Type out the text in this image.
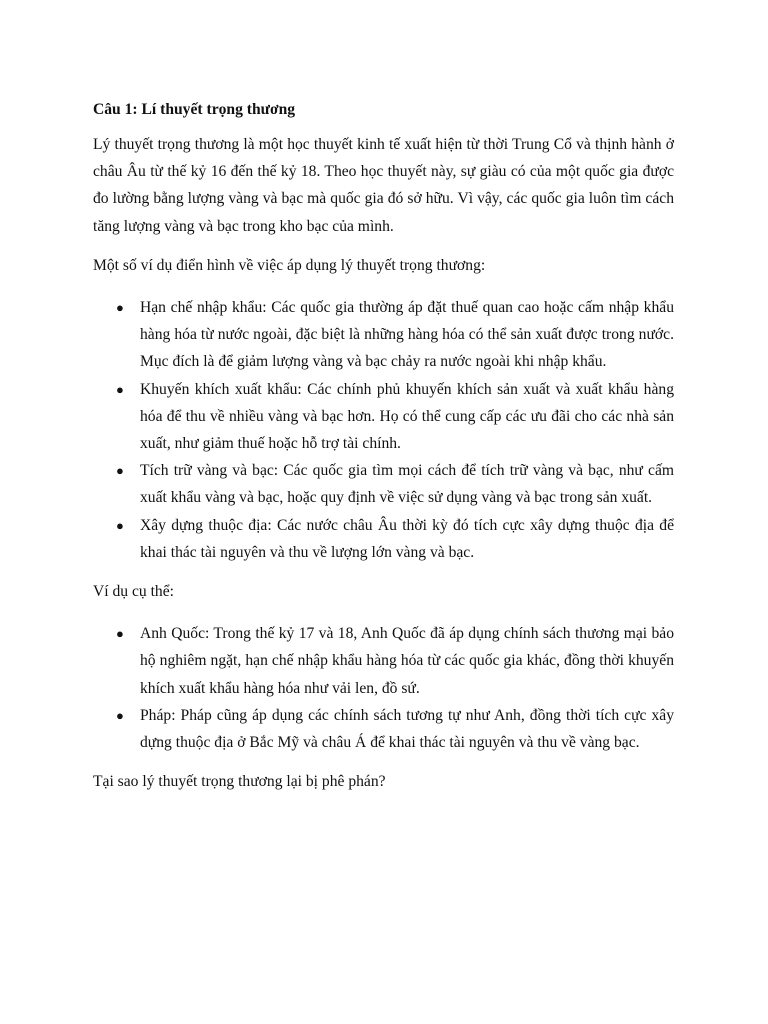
Câu 1: Lí thuyết trọng thương

Lý thuyết trọng thương là một học thuyết kinh tế xuất hiện từ thời Trung Cổ và thịnh hành ở châu Âu từ thế kỷ 16 đến thế kỷ 18. Theo học thuyết này, sự giàu có của một quốc gia được đo lường bằng lượng vàng và bạc mà quốc gia đó sở hữu. Vì vậy, các quốc gia luôn tìm cách tăng lượng vàng và bạc trong kho bạc của mình.

Một số ví dụ điển hình về việc áp dụng lý thuyết trọng thương:

● Hạn chế nhập khẩu: Các quốc gia thường áp đặt thuế quan cao hoặc cấm nhập khẩu hàng hóa từ nước ngoài, đặc biệt là những hàng hóa có thể sản xuất được trong nước. Mục đích là để giảm lượng vàng và bạc chảy ra nước ngoài khi nhập khẩu.
● Khuyến khích xuất khẩu: Các chính phủ khuyến khích sản xuất và xuất khẩu hàng hóa để thu về nhiều vàng và bạc hơn. Họ có thể cung cấp các ưu đãi cho các nhà sản xuất, như giảm thuế hoặc hỗ trợ tài chính.
● Tích trữ vàng và bạc: Các quốc gia tìm mọi cách để tích trữ vàng và bạc, như cấm xuất khẩu vàng và bạc, hoặc quy định về việc sử dụng vàng và bạc trong sản xuất.
● Xây dựng thuộc địa: Các nước châu Âu thời kỳ đó tích cực xây dựng thuộc địa để khai thác tài nguyên và thu về lượng lớn vàng và bạc.

Ví dụ cụ thể:

● Anh Quốc: Trong thế kỷ 17 và 18, Anh Quốc đã áp dụng chính sách thương mại bảo hộ nghiêm ngặt, hạn chế nhập khẩu hàng hóa từ các quốc gia khác, đồng thời khuyến khích xuất khẩu hàng hóa như vải len, đồ sứ.
● Pháp: Pháp cũng áp dụng các chính sách tương tự như Anh, đồng thời tích cực xây dựng thuộc địa ở Bắc Mỹ và châu Á để khai thác tài nguyên và thu về vàng bạc.

Tại sao lý thuyết trọng thương lại bị phê phán?
